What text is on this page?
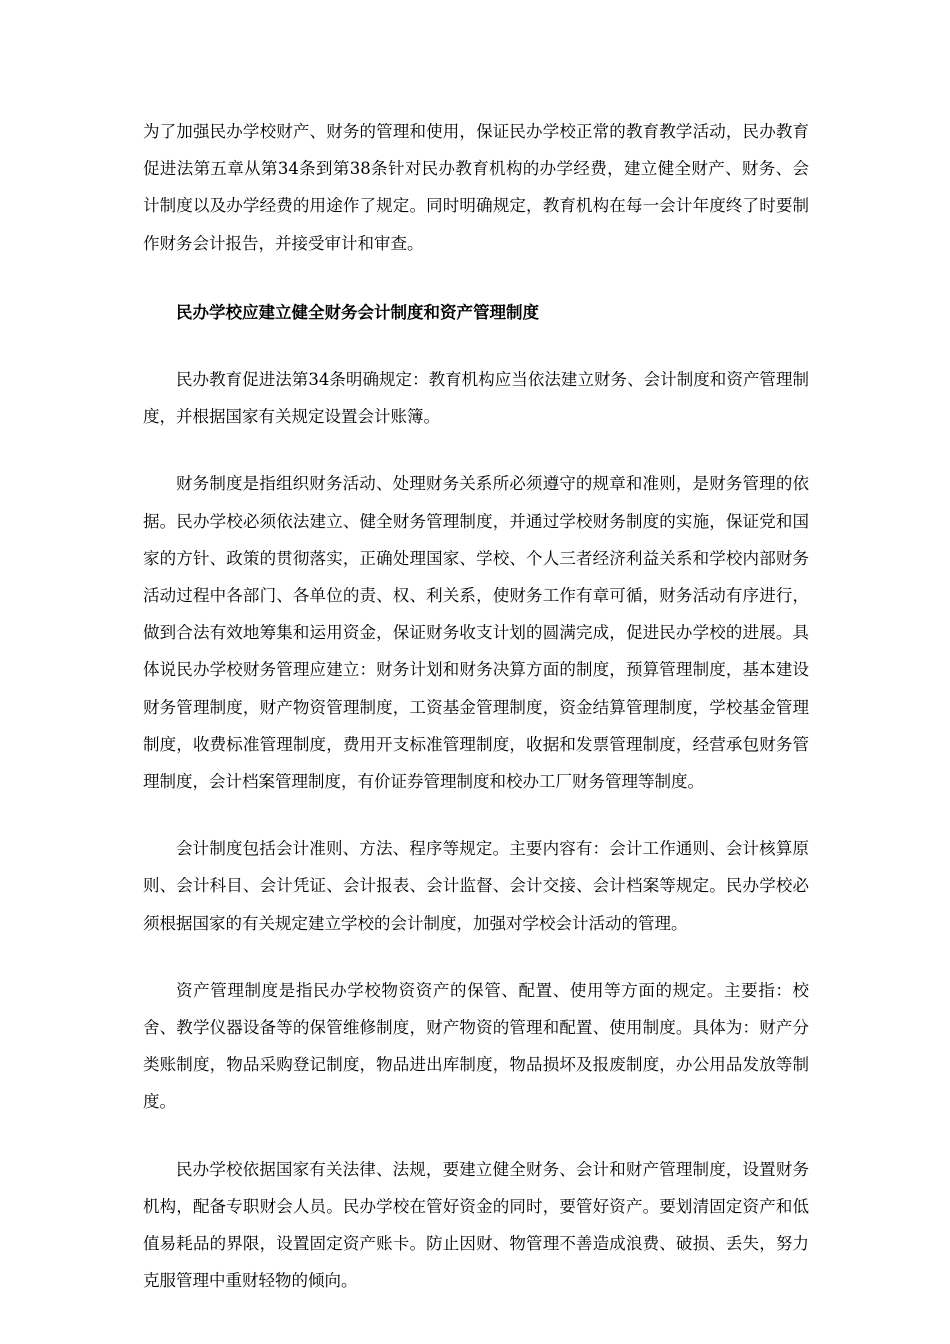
为了加强民办学校财产、财务的管理和使用，保证民办学校正常的教育教学活动，民办教育促进法第五章从第34条到第38条针对民办教育机构的办学经费，建立健全财产、财务、会计制度以及办学经费的用途作了规定。同时明确规定，教育机构在每一会计年度终了时要制作财务会计报告，并接受审计和审查。

民办学校应建立健全财务会计制度和资产管理制度

民办教育促进法第34条明确规定：教育机构应当依法建立财务、会计制度和资产管理制度，并根据国家有关规定设置会计账簿。

财务制度是指组织财务活动、处理财务关系所必须遵守的规章和准则，是财务管理的依据。民办学校必须依法建立、健全财务管理制度，并通过学校财务制度的实施，保证党和国家的方针、政策的贯彻落实，正确处理国家、学校、个人三者经济利益关系和学校内部财务活动过程中各部门、各单位的责、权、利关系，使财务工作有章可循，财务活动有序进行，做到合法有效地筹集和运用资金，保证财务收支计划的圆满完成，促进民办学校的进展。具体说民办学校财务管理应建立：财务计划和财务决算方面的制度，预算管理制度，基本建设财务管理制度，财产物资管理制度，工资基金管理制度，资金结算管理制度，学校基金管理制度，收费标准管理制度，费用开支标准管理制度，收据和发票管理制度，经营承包财务管理制度，会计档案管理制度，有价证券管理制度和校办工厂财务管理等制度。

会计制度包括会计准则、方法、程序等规定。主要内容有：会计工作通则、会计核算原则、会计科目、会计凭证、会计报表、会计监督、会计交接、会计档案等规定。民办学校必须根据国家的有关规定建立学校的会计制度，加强对学校会计活动的管理。

资产管理制度是指民办学校物资资产的保管、配置、使用等方面的规定。主要指：校舍、教学仪器设备等的保管维修制度，财产物资的管理和配置、使用制度。具体为：财产分类账制度，物品采购登记制度，物品进出库制度，物品损坏及报废制度，办公用品发放等制度。

民办学校依据国家有关法律、法规，要建立健全财务、会计和财产管理制度，设置财务机构，配备专职财会人员。民办学校在管好资金的同时，要管好资产。要划清固定资产和低值易耗品的界限，设置固定资产账卡。防止因财、物管理不善造成浪费、破损、丢失，努力克服管理中重财轻物的倾向。
